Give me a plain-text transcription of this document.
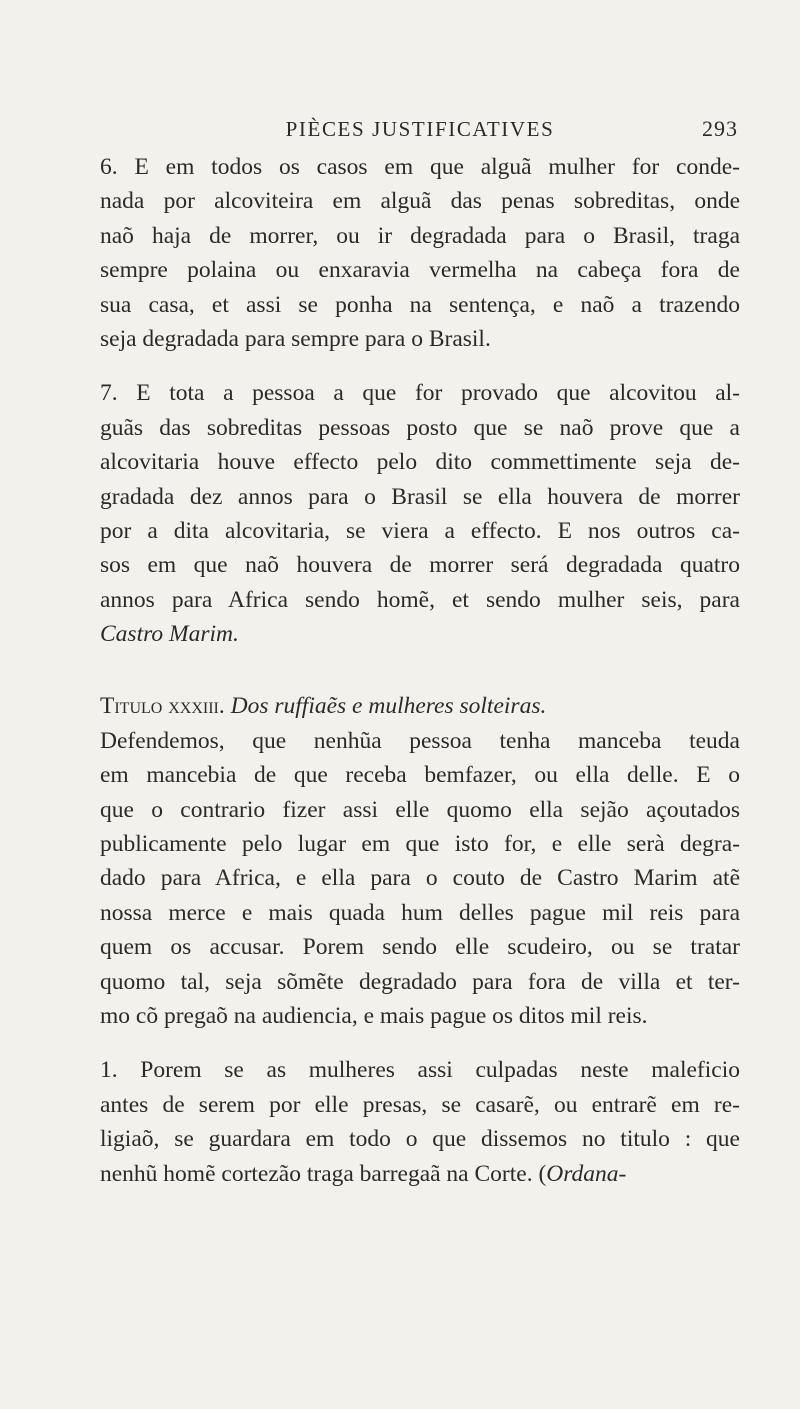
PIÈCES JUSTIFICATIVES	293
6. E em todos os casos em que alguã mulher for conde-
nada por alcoviteira em alguã das penas sobreditas, onde
naõ haja de morrer, ou ir degradada para o Brasil, traga
sempre polaina ou enxaravia vermelha na cabeça fora de
sua casa, et assi se ponha na sentença, e naõ a trazendo
seja degradada para sempre para o Brasil.
7. E tota a pessoa a que for provado que alcovitou al-
guãs das sobreditas pessoas posto que se naõ prove que a
alcovitaria houve effecto pelo dito commettimente seja de-
gradada dez annos para o Brasil se ella houvera de morrer
por a dita alcovitaria, se viera a effecto. E nos outros ca-
sos em que naõ houvera de morrer será degradada quatro
annos para Africa sendo homẽ, et sendo mulher seis, para
Castro Marim.
Titulo xxxiii. Dos ruffiaẽs e mulheres solteiras.
Defendemos, que nenhũa pessoa tenha manceba teuda
em mancebia de que receba bemfazer, ou ella delle. E o
que o contrario fizer assi elle quomo ella sejão açoutados
publicamente pelo lugar em que isto for, e elle serà degra-
dado para Africa, e ella para o couto de Castro Marim atẽ
nossa merce e mais quada hum delles pague mil reis para
quem os accusar. Porem sendo elle scudeiro, ou se tratar
quomo tal, seja sõmẽte degradado para fora de villa et ter-
mo cõ pregaõ na audiencia, e mais pague os ditos mil reis.
1. Porem se as mulheres assi culpadas neste maleficio
antes de serem por elle presas, se casarẽ, ou entrarẽ em re-
ligiaõ, se guardara em todo o que dissemos no titulo : que
nenhũ homẽ cortezão traga barregaã na Corte. (Ordana-
